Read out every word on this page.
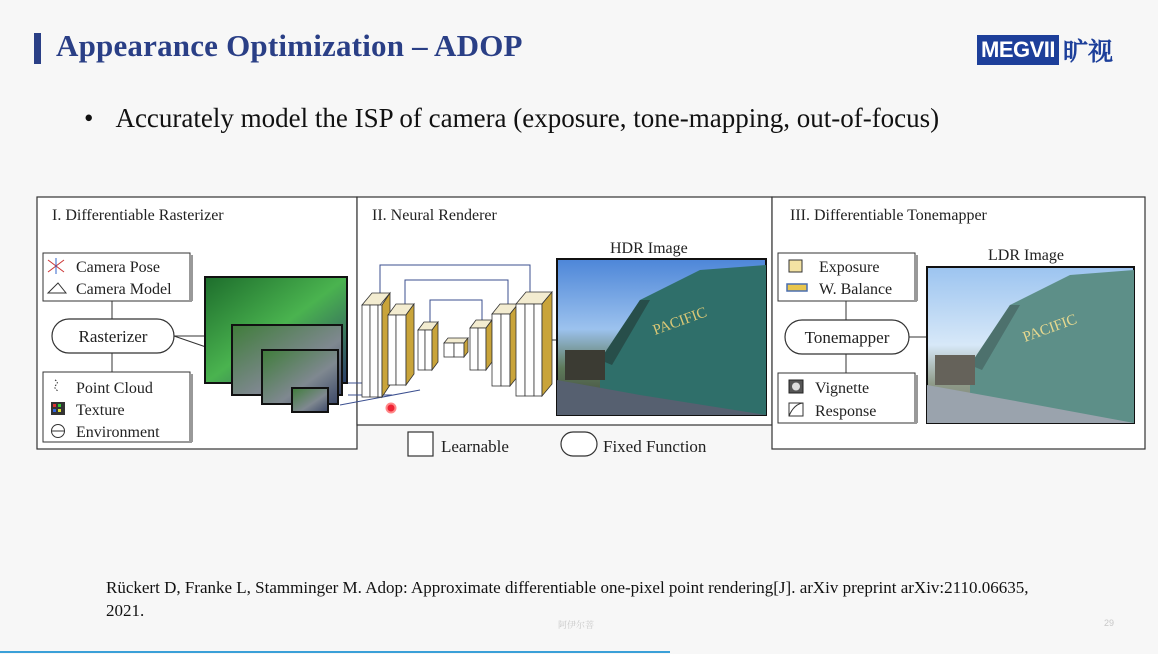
Appearance Optimization – ADOP	MEGVII 旷视
• Accurately model the ISP of camera (exposure, tone-mapping, out-of-focus)
I. Differentiable Rasterizer	II. Neural Renderer	III. Differentiable Tonemapper
Camera Pose
Camera Model
Rasterizer
Point Cloud
Texture
Environment
HDR Image
PACIFIC
LDR Image
Exposure
W. Balance
Tonemapper
Vignette
Response
PACIFIC
Learnable	Fixed Function
Rückert D, Franke L, Stamminger M. Adop: Approximate differentiable one-pixel point rendering[J]. arXiv preprint arXiv:2110.06635, 2021.
阿伊尔菩	29
